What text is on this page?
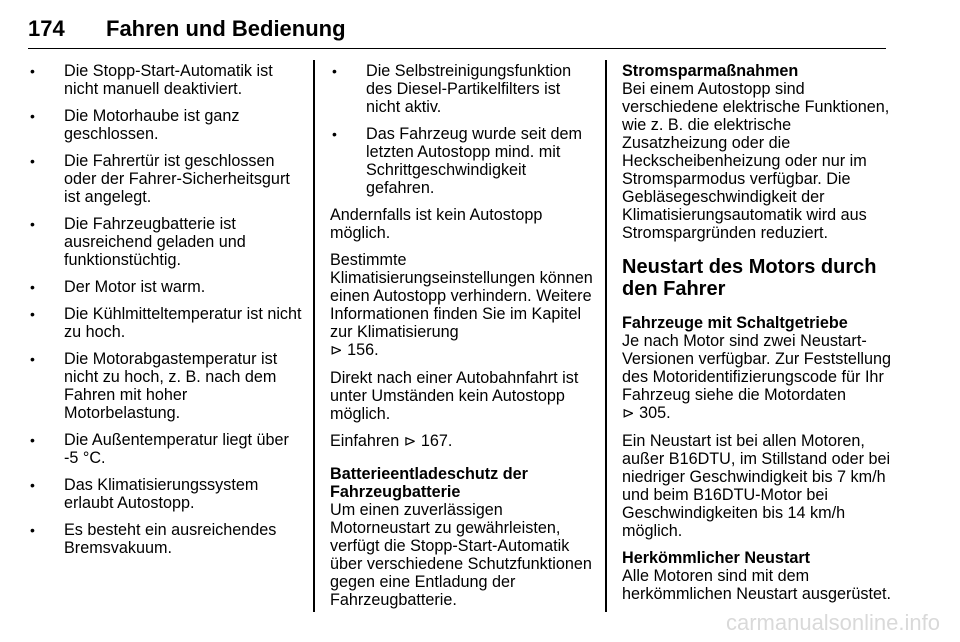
174 Fahren und Bedienung
• Die Stopp-Start-Automatik ist nicht manuell deaktiviert.
• Die Motorhaube ist ganz geschlossen.
• Die Fahrertür ist geschlossen oder der Fahrer-Sicherheitsgurt ist angelegt.
• Die Fahrzeugbatterie ist ausreichend geladen und funktionstüchtig.
• Der Motor ist warm.
• Die Kühlmitteltemperatur ist nicht zu hoch.
• Die Motorabgastemperatur ist nicht zu hoch, z. B. nach dem Fahren mit hoher Motorbelastung.
• Die Außentemperatur liegt über -5 °C.
• Das Klimatisierungssystem erlaubt Autostopp.
• Es besteht ein ausreichendes Bremsvakuum.
• Die Selbstreinigungsfunktion des Diesel-Partikelfilters ist nicht aktiv.
• Das Fahrzeug wurde seit dem letzten Autostopp mind. mit Schrittgeschwindigkeit gefahren.

Andernfalls ist kein Autostopp möglich.

Bestimmte Klimatisierungseinstellungen können einen Autostopp verhindern. Weitere Informationen finden Sie im Kapitel zur Klimatisierung
⊳ 156.

Direkt nach einer Autobahnfahrt ist unter Umständen kein Autostopp möglich.

Einfahren ⊳ 167.

Batterieentladeschutz der Fahrzeugbatterie

Um einen zuverlässigen Motorneustart zu gewährleisten, verfügt die Stopp-Start-Automatik über verschiedene Schutzfunktionen gegen eine Entladung der Fahrzeugbatterie.

Stromsparmaßnahmen

Bei einem Autostopp sind verschiedene elektrische Funktionen, wie z. B. die elektrische Zusatzheizung oder die Heckscheibenheizung oder nur im Stromsparmodus verfügbar. Die Gebläsegeschwindigkeit der Klimatisierungsautomatik wird aus Stromspargründen reduziert.

Neustart des Motors durch den Fahrer

Fahrzeuge mit Schaltgetriebe

Je nach Motor sind zwei Neustart-Versionen verfügbar. Zur Feststellung des Motoridentifizierungscode für Ihr Fahrzeug siehe die Motordaten
⊳ 305.

Ein Neustart ist bei allen Motoren, außer B16DTU, im Stillstand oder bei niedriger Geschwindigkeit bis 7 km/h und beim B16DTU-Motor bei Geschwindigkeiten bis 14 km/h möglich.

Herkömmlicher Neustart

Alle Motoren sind mit dem herkömmlichen Neustart ausgerüstet.

carmanualsonline.info
